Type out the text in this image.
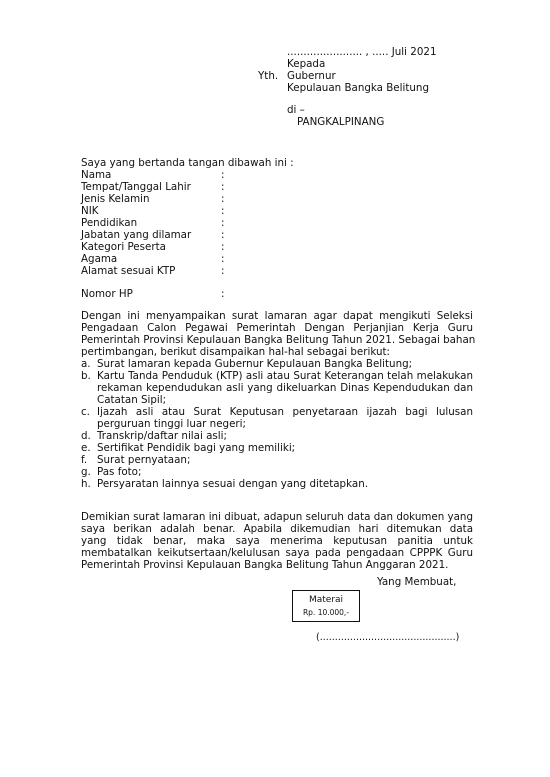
....................... , ..... Juli 2021
Kepada
Yth. Gubernur
Kepulauan Bangka Belitung
di –
PANGKALPINANG
Saya yang bertanda tangan dibawah ini :
Nama	:
Tempat/Tanggal Lahir	:
Jenis Kelamin	:
NIK	:
Pendidikan	:
Jabatan yang dilamar	:
Kategori Peserta	:
Agama	:
Alamat sesuai KTP	:
Nomor HP	:
Dengan ini menyampaikan surat lamaran agar dapat mengikuti Seleksi
Pengadaan Calon Pegawai Pemerintah Dengan Perjanjian Kerja Guru
Pemerintah Provinsi Kepulauan Bangka Belitung Tahun 2021. Sebagai bahan
pertimbangan, berikut disampaikan hal-hal sebagai berikut:
a. Surat lamaran kepada Gubernur Kepulauan Bangka Belitung;
b. Kartu Tanda Penduduk (KTP) asli atau Surat Keterangan telah melakukan
rekaman kependudukan asli yang dikeluarkan Dinas Kependudukan dan
Catatan Sipil;
c. Ijazah asli atau Surat Keputusan penyetaraan ijazah bagi lulusan
perguruan tinggi luar negeri;
d. Transkrip/daftar nilai asli;
e. Sertifikat Pendidik bagi yang memiliki;
f. Surat pernyataan;
g. Pas foto;
h. Persyaratan lainnya sesuai dengan yang ditetapkan.
Demikian surat lamaran ini dibuat, adapun seluruh data dan dokumen yang
saya berikan adalah benar. Apabila dikemudian hari ditemukan data
yang tidak benar, maka saya menerima keputusan panitia untuk
membatalkan keikutsertaan/kelulusan saya pada pengadaan CPPPK Guru
Pemerintah Provinsi Kepulauan Bangka Belitung Tahun Anggaran 2021.
Yang Membuat,
Materai
Rp. 10.000,-
(.............................................)
